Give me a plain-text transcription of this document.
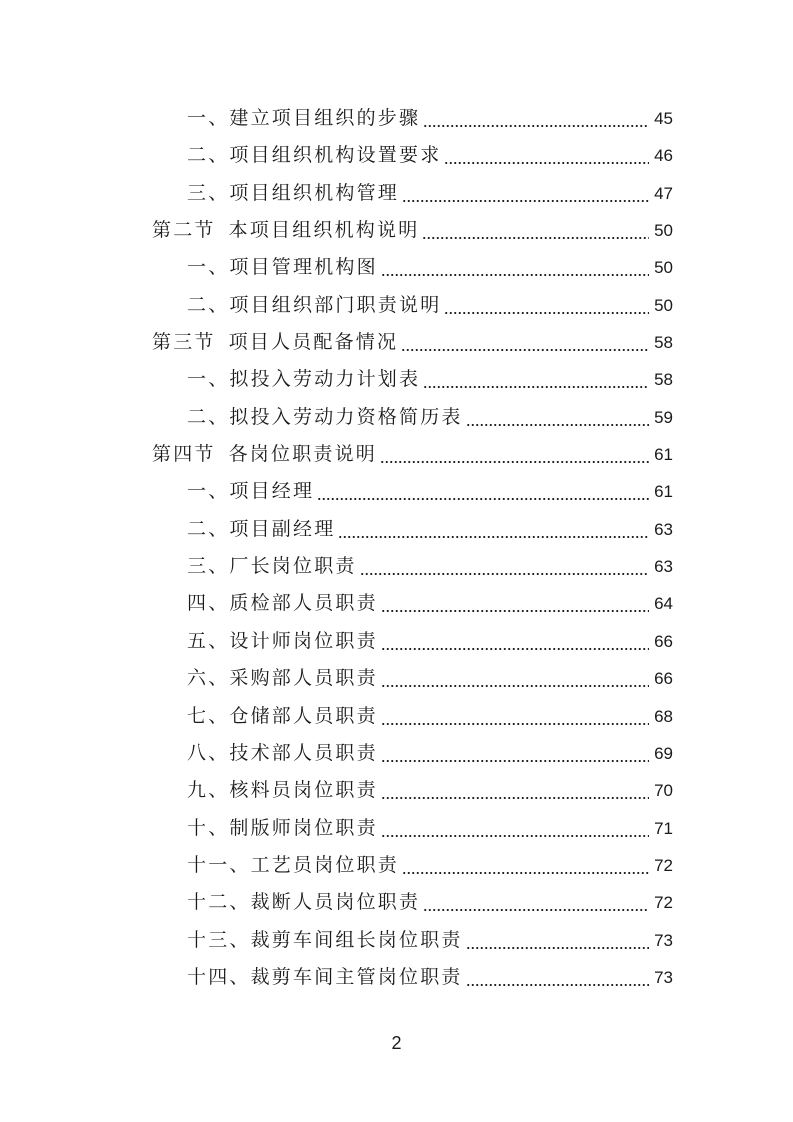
一、 建立项目组织的步骤	45
二、 项目组织机构设置要求	46
三、 项目组织机构管理	47
第二节 本项目组织机构说明	50
一、 项目管理机构图	50
二、 项目组织部门职责说明	50
第三节 项目人员配备情况	58
一、 拟投入劳动力计划表	58
二、 拟投入劳动力资格简历表	59
第四节 各岗位职责说明	61
一、 项目经理	61
二、 项目副经理	63
三、 厂长岗位职责	63
四、 质检部人员职责	64
五、 设计师岗位职责	66
六、 采购部人员职责	66
七、 仓储部人员职责	68
八、 技术部人员职责	69
九、 核料员岗位职责	70
十、 制版师岗位职责	71
十一、 工艺员岗位职责	72
十二、 裁断人员岗位职责	72
十三、 裁剪车间组长岗位职责	73
十四、 裁剪车间主管岗位职责	73
2
